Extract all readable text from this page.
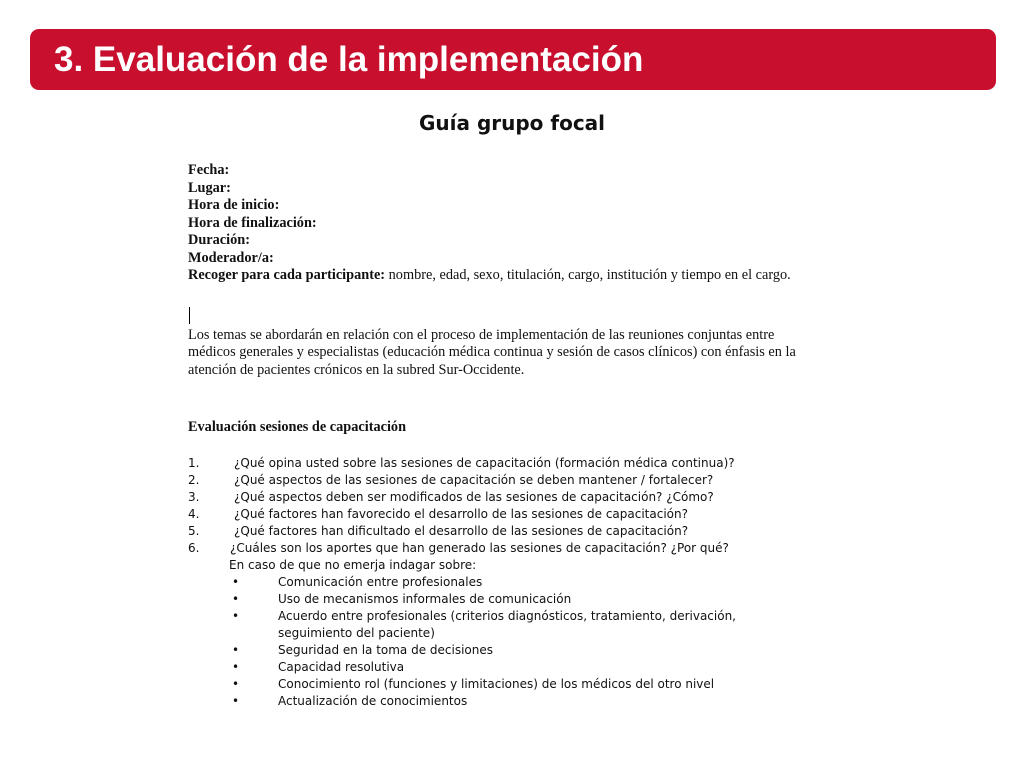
3. Evaluación de la implementación
Guía grupo focal
Fecha:
Lugar:
Hora de inicio:
Hora de finalización:
Duración:
Moderador/a:
Recoger para cada participante: nombre, edad, sexo, titulación, cargo, institución y tiempo en el cargo.
Los temas se abordarán en relación con el proceso de implementación de las reuniones conjuntas entre médicos generales y especialistas (educación médica continua y sesión de casos clínicos) con énfasis en la atención de pacientes crónicos en la subred Sur-Occidente.
Evaluación sesiones de capacitación
1.	¿Qué opina usted sobre las sesiones de capacitación (formación médica continua)?
2.	¿Qué aspectos de las sesiones de capacitación se deben mantener / fortalecer?
3.	¿Qué aspectos deben ser modificados de las sesiones de capacitación? ¿Cómo?
4.	¿Qué factores han favorecido el desarrollo de las sesiones de capacitación?
5.	¿Qué factores han dificultado el desarrollo de las sesiones de capacitación?
6.	¿Cuáles son los aportes que han generado las sesiones de capacitación? ¿Por qué?
En caso de que no emerja indagar sobre:
•	Comunicación entre profesionales
•	Uso de mecanismos informales de comunicación
•	Acuerdo entre profesionales (criterios diagnósticos, tratamiento, derivación, seguimiento del paciente)
•	Seguridad en la toma de decisiones
•	Capacidad resolutiva
•	Conocimiento rol (funciones y limitaciones) de los médicos del otro nivel
•	Actualización de conocimientos
